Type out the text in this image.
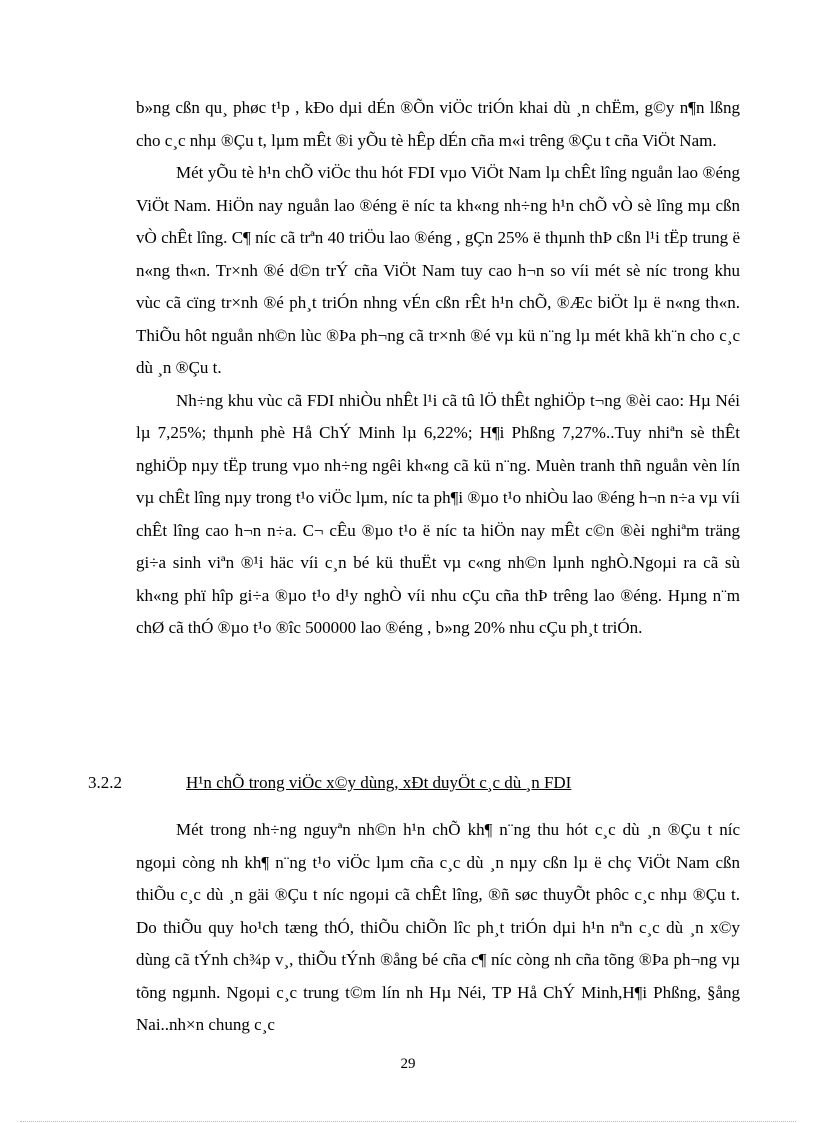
b»ng cßn qu¸ phøc t¹p , kÐo dµi dÉn ®Õn viÖc triÓn khai dù ¸n chËm, g©y n¶n lßng cho c¸c nhµ ®Çu t, lµm mÊt ®i yÕu tè hÊp dÉn cña m«i trêng ®Çu t cña ViÖt Nam.

Mét yÕu tè h¹n chÕ viÖc thu hót FDI vµo ViÖt Nam lµ chÊt lîng nguån lao ®éng ViÖt Nam. HiÖn nay nguån lao ®éng ë níc ta kh«ng nh÷ng h¹n chÕ vÒ sè lîng mµ cßn vÒ chÊt lîng. C¶ níc cã trªn 40 triÖu lao ®éng , gÇn 25% ë thµnh thÞ cßn l¹i tËp trung ë n«ng th«n. Tr×nh ®é d©n trÝ cña ViÖt Nam tuy cao h¬n so víi mét sè níc trong khu vùc cã cïng tr×nh ®é ph¸t triÓn nhng vÉn cßn rÊt h¹n chÕ, ®Æc biÖt lµ ë n«ng th«n. ThiÕu hôt nguån nh©n lùc ®Þa ph¬ng cã tr×nh ®é vµ kü n¨ng lµ mét khã kh¨n cho c¸c dù ¸n ®Çu t.

Nh÷ng khu vùc cã FDI nhiÒu nhÊt l¹i cã tû lÖ thÊt nghiÖp t¬ng ®èi cao: Hµ Néi lµ 7,25%; thµnh phè Hå ChÝ Minh lµ 6,22%; H¶i Phßng 7,27%..Tuy nhiªn sè thÊt nghiÖp nµy tËp trung vµo nh÷ng ngêi kh«ng cã kü n¨ng. Muèn tranh thñ nguån vèn lín vµ chÊt lîng nµy trong t¹o viÖc lµm, níc ta ph¶i ®µo t¹o nhiÒu lao ®éng h¬n n÷a vµ víi chÊt lîng cao h¬n n÷a. C¬ cÊu ®µo t¹o ë níc ta hiÖn nay mÊt c©n ®èi nghiªm träng gi÷a sinh viªn ®¹i häc víi c¸n bé kü thuËt vµ c«ng nh©n lµnh nghÒ.Ngoµi ra cã sù kh«ng phï hîp gi÷a ®µo t¹o d¹y nghÒ víi nhu cÇu cña thÞ trêng lao ®éng. Hµng n¨m chØ cã thÓ ®µo t¹o ®îc 500000 lao ®éng , b»ng 20% nhu cÇu ph¸t triÓn.

3.2.2	H¹n chÕ trong viÖc x©y dùng, xÐt duyÖt c¸c dù ¸n FDI

Mét trong nh÷ng nguyªn nh©n h¹n chÕ kh¶ n¨ng thu hót c¸c dù ¸n ®Çu t níc ngoµi còng nh kh¶ n¨ng t¹o viÖc lµm cña c¸c dù ¸n nµy cßn lµ ë chç ViÖt Nam cßn thiÕu c¸c dù ¸n gäi ®Çu t níc ngoµi cã chÊt lîng, ®ñ søc thuyÕt phôc c¸c nhµ ®Çu t. Do thiÕu quy ho¹ch tæng thÓ, thiÕu chiÕn lîc ph¸t triÓn dµi h¹n nªn c¸c dù ¸n x©y dùng cã tÝnh ch¾p v¸, thiÕu tÝnh ®ång bé cña c¶ níc còng nh cña tõng ®Þa ph¬ng vµ tõng ngµnh. Ngoµi c¸c trung t©m lín nh Hµ Néi, TP Hå ChÝ Minh,H¶i Phßng, §ång Nai..nh×n chung c¸c

29
